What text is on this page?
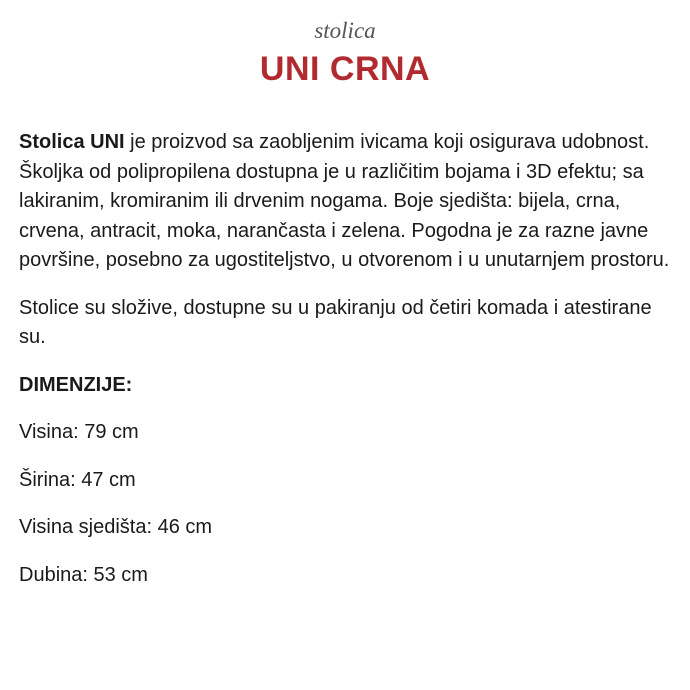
stolica
UNI CRNA

Stolica UNI je proizvod sa zaobljenim ivicama koji osigurava udobnost. Školjka od polipropilena dostupna je u različitim bojama i 3D efektu; sa lakiranim, kromiranim ili drvenim nogama. Boje sjedišta: bijela, crna, crvena, antracit, moka, narančasta i zelena. Pogodna je za razne javne površine, posebno za ugostiteljstvo, u otvorenom i u unutarnjem prostoru.

Stolice su složive, dostupne su u pakiranju od četiri komada i atestirane su.

DIMENZIJE:

Visina: 79 cm

Širina: 47 cm

Visina sjedišta: 46 cm

Dubina: 53 cm
